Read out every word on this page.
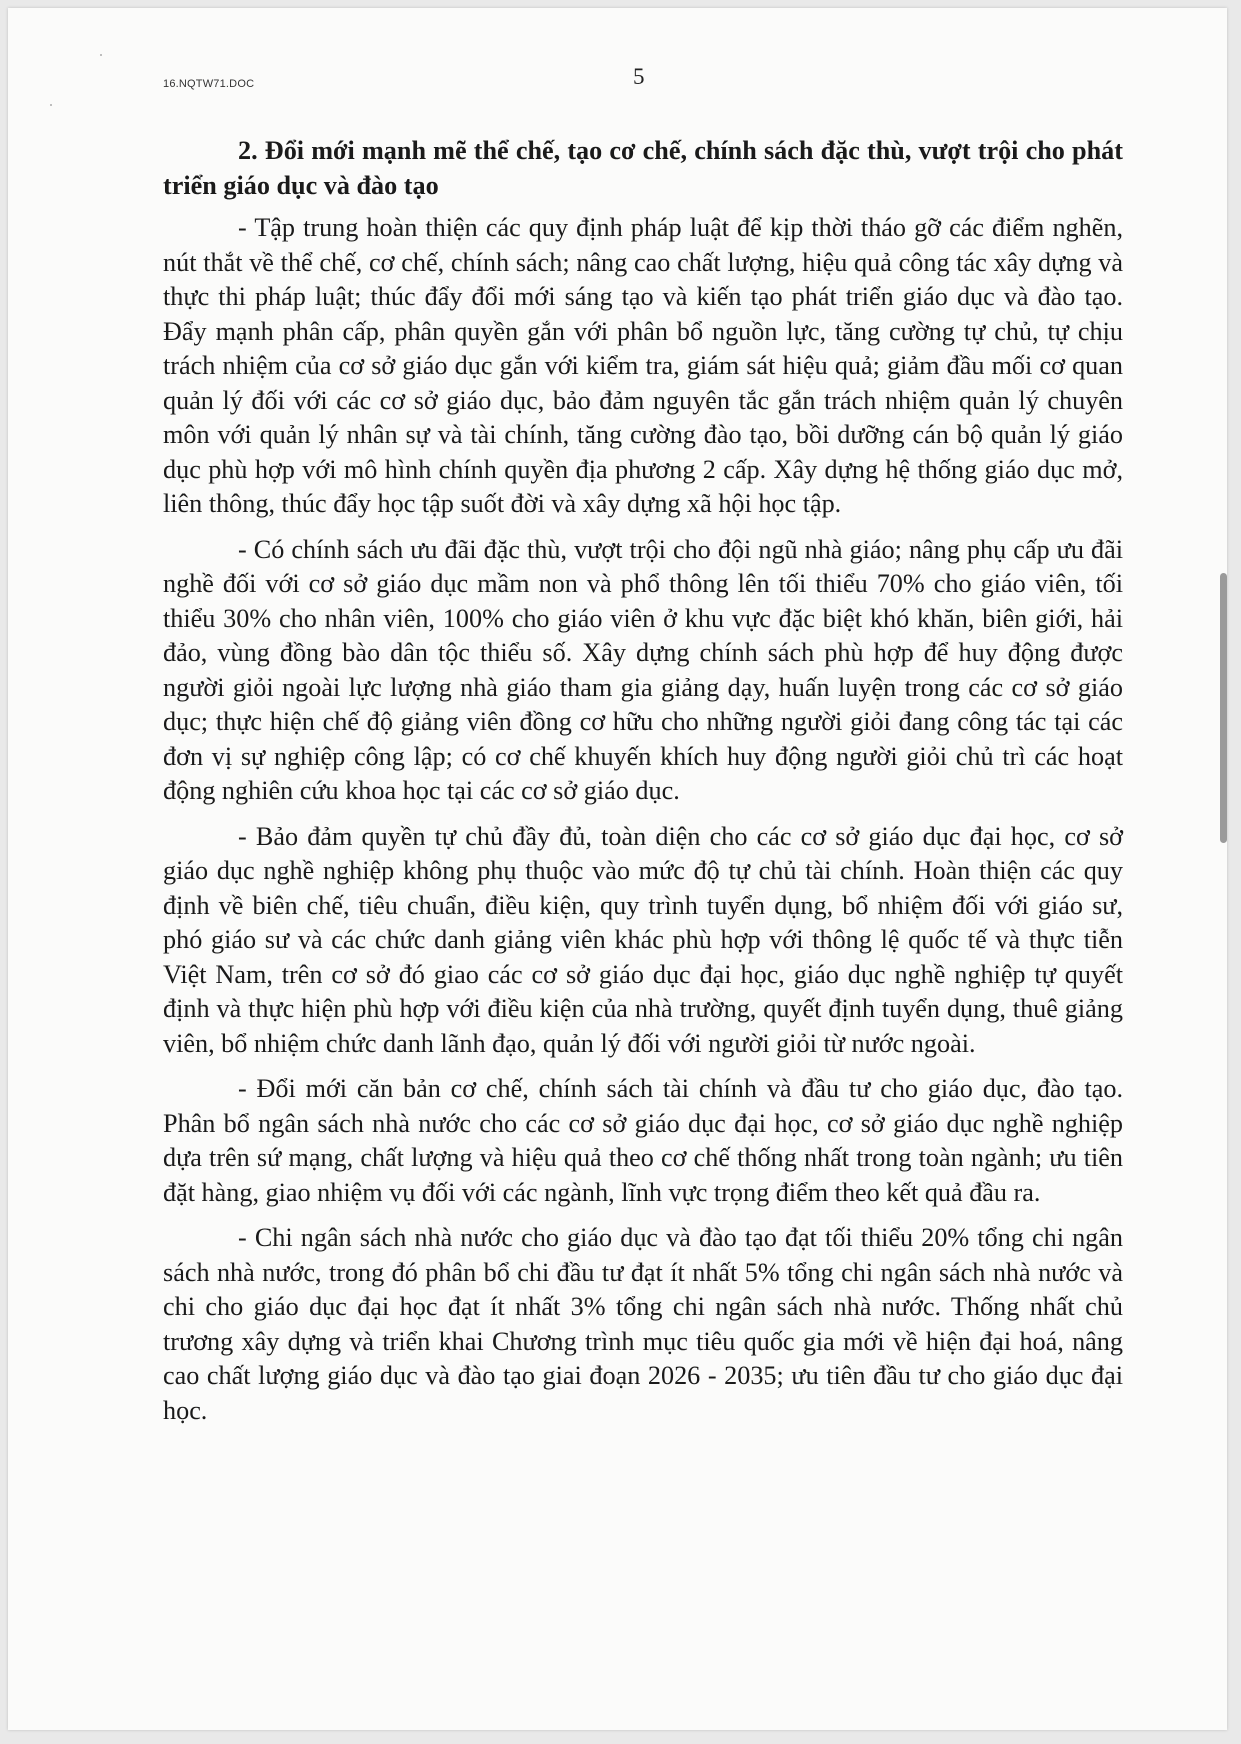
16.NQTW71.DOC	5

2. Đổi mới mạnh mẽ thể chế, tạo cơ chế, chính sách đặc thù, vượt trội cho phát triển giáo dục và đào tạo

- Tập trung hoàn thiện các quy định pháp luật để kịp thời tháo gỡ các điểm nghẽn, nút thắt về thể chế, cơ chế, chính sách; nâng cao chất lượng, hiệu quả công tác xây dựng và thực thi pháp luật; thúc đẩy đổi mới sáng tạo và kiến tạo phát triển giáo dục và đào tạo. Đẩy mạnh phân cấp, phân quyền gắn với phân bổ nguồn lực, tăng cường tự chủ, tự chịu trách nhiệm của cơ sở giáo dục gắn với kiểm tra, giám sát hiệu quả; giảm đầu mối cơ quan quản lý đối với các cơ sở giáo dục, bảo đảm nguyên tắc gắn trách nhiệm quản lý chuyên môn với quản lý nhân sự và tài chính, tăng cường đào tạo, bồi dưỡng cán bộ quản lý giáo dục phù hợp với mô hình chính quyền địa phương 2 cấp. Xây dựng hệ thống giáo dục mở, liên thông, thúc đẩy học tập suốt đời và xây dựng xã hội học tập.

- Có chính sách ưu đãi đặc thù, vượt trội cho đội ngũ nhà giáo; nâng phụ cấp ưu đãi nghề đối với cơ sở giáo dục mầm non và phổ thông lên tối thiểu 70% cho giáo viên, tối thiểu 30% cho nhân viên, 100% cho giáo viên ở khu vực đặc biệt khó khăn, biên giới, hải đảo, vùng đồng bào dân tộc thiểu số. Xây dựng chính sách phù hợp để huy động được người giỏi ngoài lực lượng nhà giáo tham gia giảng dạy, huấn luyện trong các cơ sở giáo dục; thực hiện chế độ giảng viên đồng cơ hữu cho những người giỏi đang công tác tại các đơn vị sự nghiệp công lập; có cơ chế khuyến khích huy động người giỏi chủ trì các hoạt động nghiên cứu khoa học tại các cơ sở giáo dục.

- Bảo đảm quyền tự chủ đầy đủ, toàn diện cho các cơ sở giáo dục đại học, cơ sở giáo dục nghề nghiệp không phụ thuộc vào mức độ tự chủ tài chính. Hoàn thiện các quy định về biên chế, tiêu chuẩn, điều kiện, quy trình tuyển dụng, bổ nhiệm đối với giáo sư, phó giáo sư và các chức danh giảng viên khác phù hợp với thông lệ quốc tế và thực tiễn Việt Nam, trên cơ sở đó giao các cơ sở giáo dục đại học, giáo dục nghề nghiệp tự quyết định và thực hiện phù hợp với điều kiện của nhà trường, quyết định tuyển dụng, thuê giảng viên, bổ nhiệm chức danh lãnh đạo, quản lý đối với người giỏi từ nước ngoài.

- Đổi mới căn bản cơ chế, chính sách tài chính và đầu tư cho giáo dục, đào tạo. Phân bổ ngân sách nhà nước cho các cơ sở giáo dục đại học, cơ sở giáo dục nghề nghiệp dựa trên sứ mạng, chất lượng và hiệu quả theo cơ chế thống nhất trong toàn ngành; ưu tiên đặt hàng, giao nhiệm vụ đối với các ngành, lĩnh vực trọng điểm theo kết quả đầu ra.

- Chi ngân sách nhà nước cho giáo dục và đào tạo đạt tối thiểu 20% tổng chi ngân sách nhà nước, trong đó phân bổ chi đầu tư đạt ít nhất 5% tổng chi ngân sách nhà nước và chi cho giáo dục đại học đạt ít nhất 3% tổng chi ngân sách nhà nước. Thống nhất chủ trương xây dựng và triển khai Chương trình mục tiêu quốc gia mới về hiện đại hoá, nâng cao chất lượng giáo dục và đào tạo giai đoạn 2026 - 2035; ưu tiên đầu tư cho giáo dục đại học.
